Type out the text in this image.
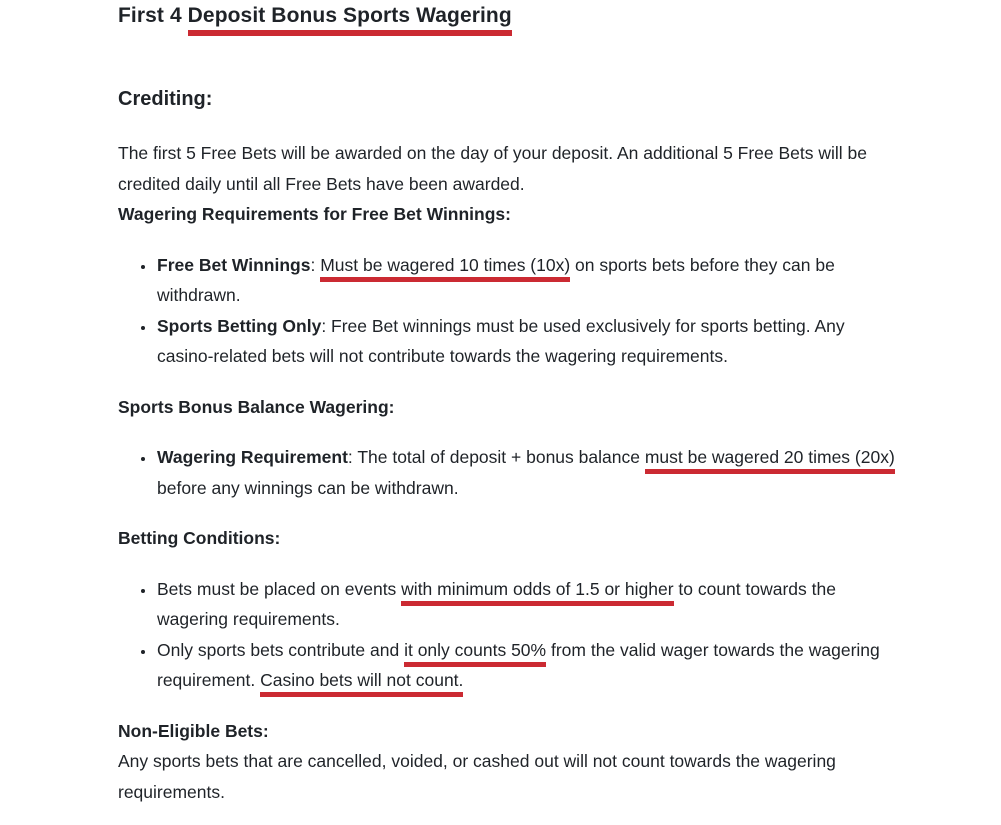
First 4 Deposit Bonus Sports Wagering
Crediting:

The first 5 Free Bets will be awarded on the day of your deposit. An additional 5 Free Bets will be credited daily until all Free Bets have been awarded.

Wagering Requirements for Free Bet Winnings:

• Free Bet Winnings: Must be wagered 10 times (10x) on sports bets before they can be withdrawn.
• Sports Betting Only: Free Bet winnings must be used exclusively for sports betting. Any casino-related bets will not contribute towards the wagering requirements.

Sports Bonus Balance Wagering:

• Wagering Requirement: The total of deposit + bonus balance must be wagered 20 times (20x) before any winnings can be withdrawn.

Betting Conditions:

• Bets must be placed on events with minimum odds of 1.5 or higher to count towards the wagering requirements.
• Only sports bets contribute and it only counts 50% from the valid wager towards the wagering requirement. Casino bets will not count.

Non-Eligible Bets:

Any sports bets that are cancelled, voided, or cashed out will not count towards the wagering requirements.
